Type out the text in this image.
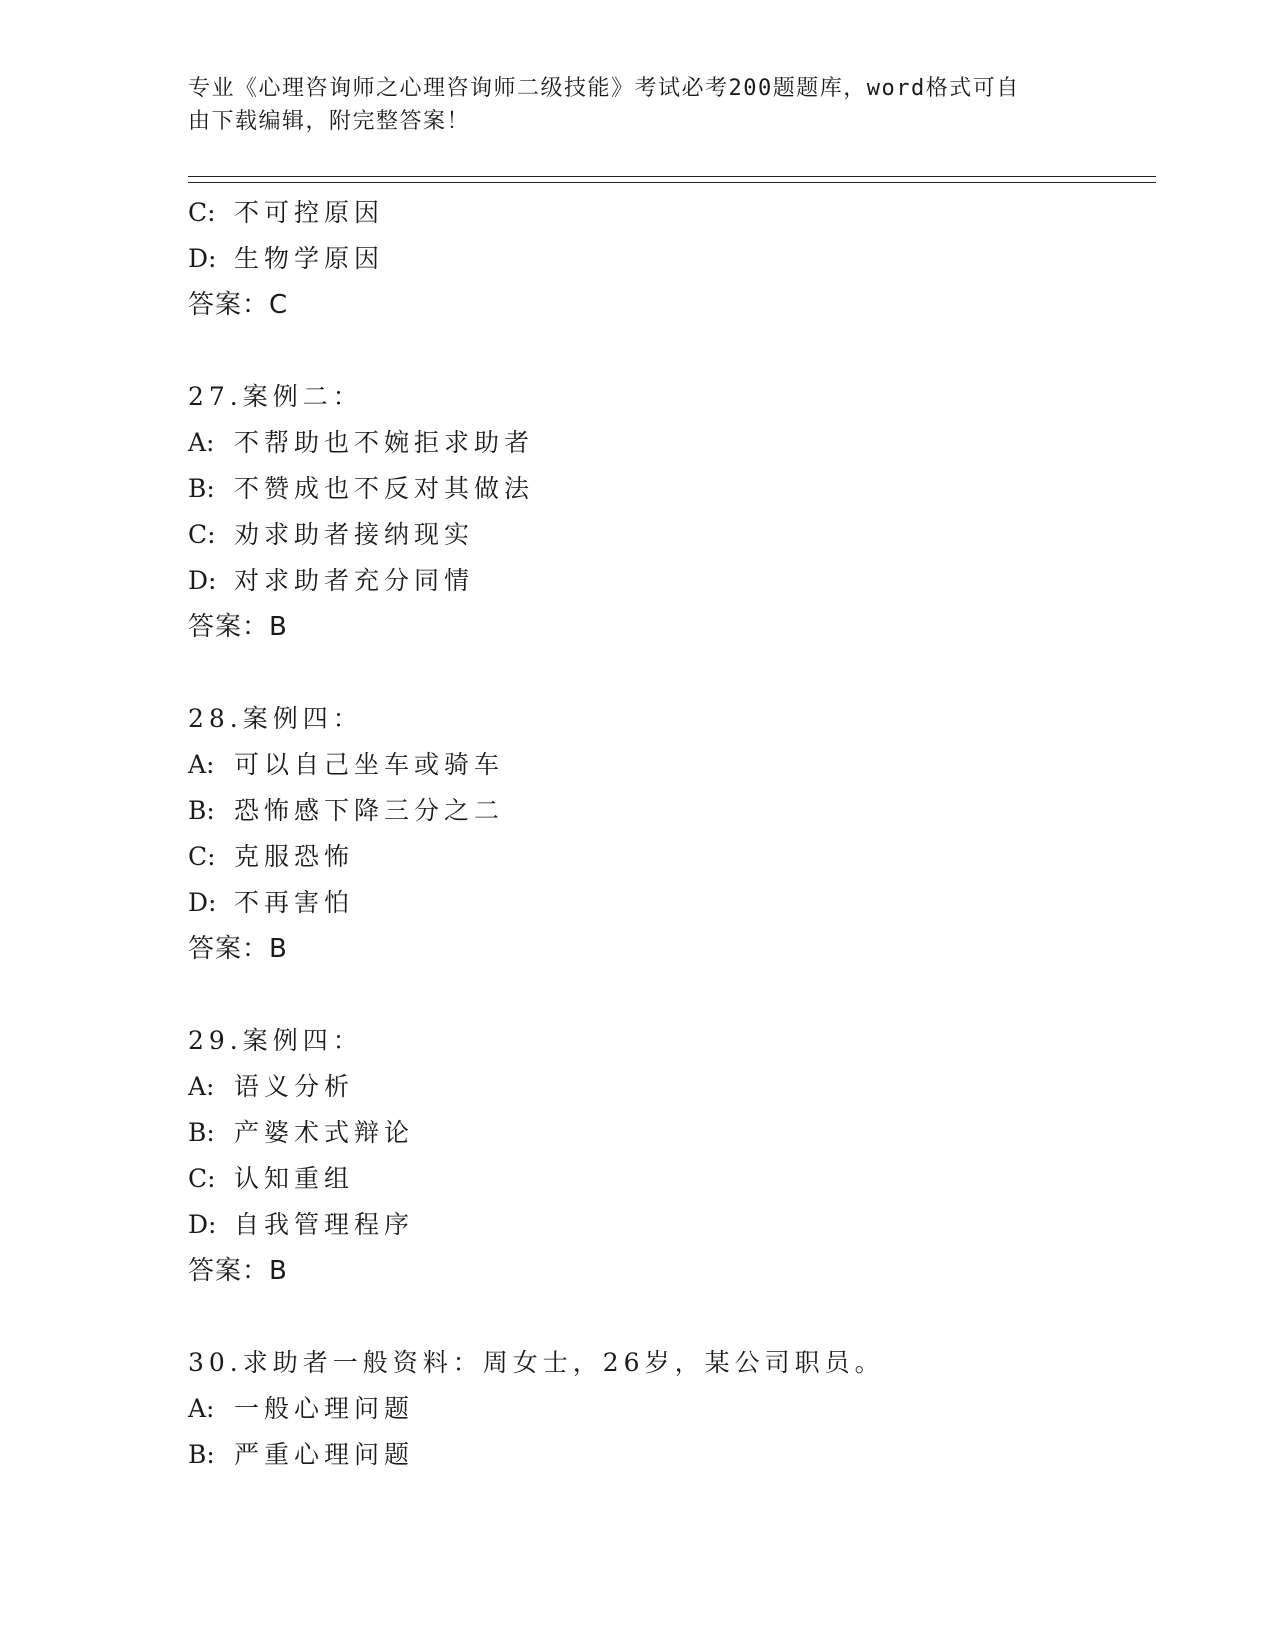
专业《心理咨询师之心理咨询师二级技能》考试必考200题题库，word格式可自
由下载编辑，附完整答案！
C: 不可控原因
D: 生物学原因
答案：C
27.案例二：
A: 不帮助也不婉拒求助者
B: 不赞成也不反对其做法
C: 劝求助者接纳现实
D: 对求助者充分同情
答案：B
28.案例四：
A: 可以自己坐车或骑车
B: 恐怖感下降三分之二
C: 克服恐怖
D: 不再害怕
答案：B
29.案例四：
A: 语义分析
B: 产婆术式辩论
C: 认知重组
D: 自我管理程序
答案：B
30.求助者一般资料：周女士，26岁，某公司职员。
A: 一般心理问题
B: 严重心理问题
